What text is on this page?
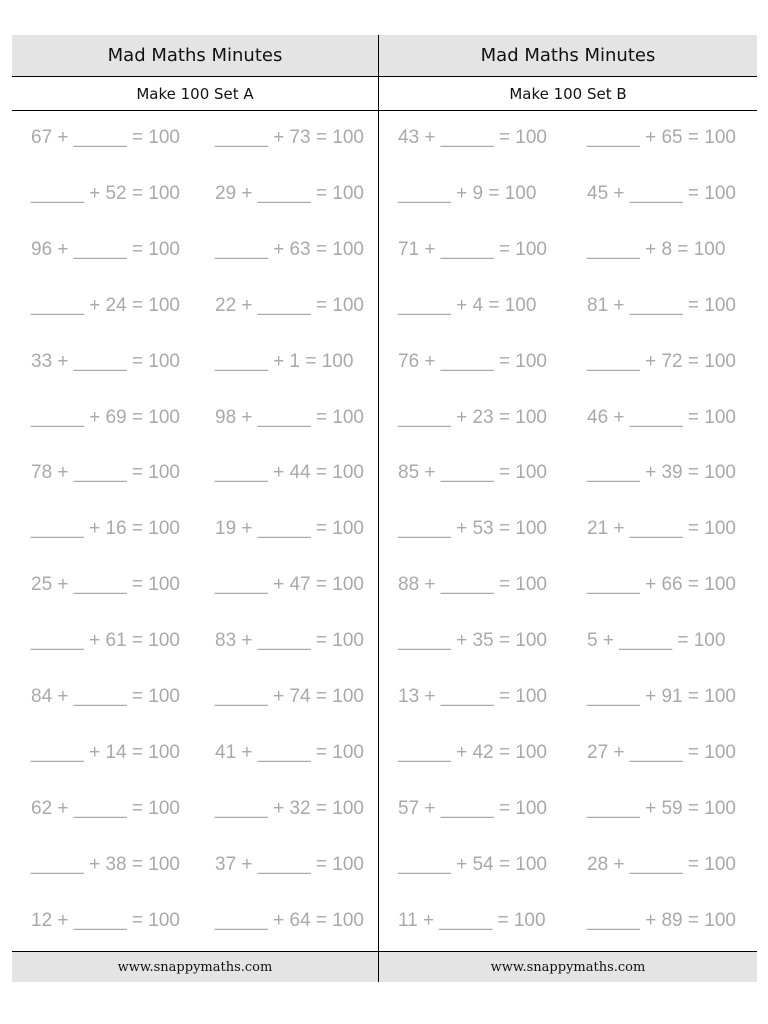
Mad Maths Minutes
Make 100 Set A
67 + _____ = 100 _____ + 73 = 100
_____ + 52 = 100 29 + _____ = 100
96 + _____ = 100 _____ + 63 = 100
_____ + 24 = 100 22 + _____ = 100
33 + _____ = 100 _____ + 1 = 100
_____ + 69 = 100 98 + _____ = 100
78 + _____ = 100 _____ + 44 = 100
_____ + 16 = 100 19 + _____ = 100
25 + _____ = 100 _____ + 47 = 100
_____ + 61 = 100 83 + _____ = 100
84 + _____ = 100 _____ + 74 = 100
_____ + 14 = 100 41 + _____ = 100
62 + _____ = 100 _____ + 32 = 100
_____ + 38 = 100 37 + _____ = 100
12 + _____ = 100 _____ + 64 = 100
www.snappymaths.com
Mad Maths Minutes
Make 100 Set B
43 + _____ = 100 _____ + 65 = 100
_____ + 9 = 100	45 + _____ = 100
71 + _____ = 100 _____ + 8 = 100
_____ + 4 = 100	81 + _____ = 100
76 + _____ = 100 _____ + 72 = 100
_____ + 23 = 100 46 + _____ = 100
85 + _____ = 100 _____ + 39 = 100
_____ + 53 = 100 21 + _____ = 100
88 + _____ = 100 _____ + 66 = 100
_____ + 35 = 100 5 + _____ = 100
13 + _____ = 100 _____ + 91 = 100
_____ + 42 = 100 27 + _____ = 100
57 + _____ = 100 _____ + 59 = 100
_____ + 54 = 100 28 + _____ = 100
11 + _____ = 100 _____ + 89 = 100
www.snappymaths.com
